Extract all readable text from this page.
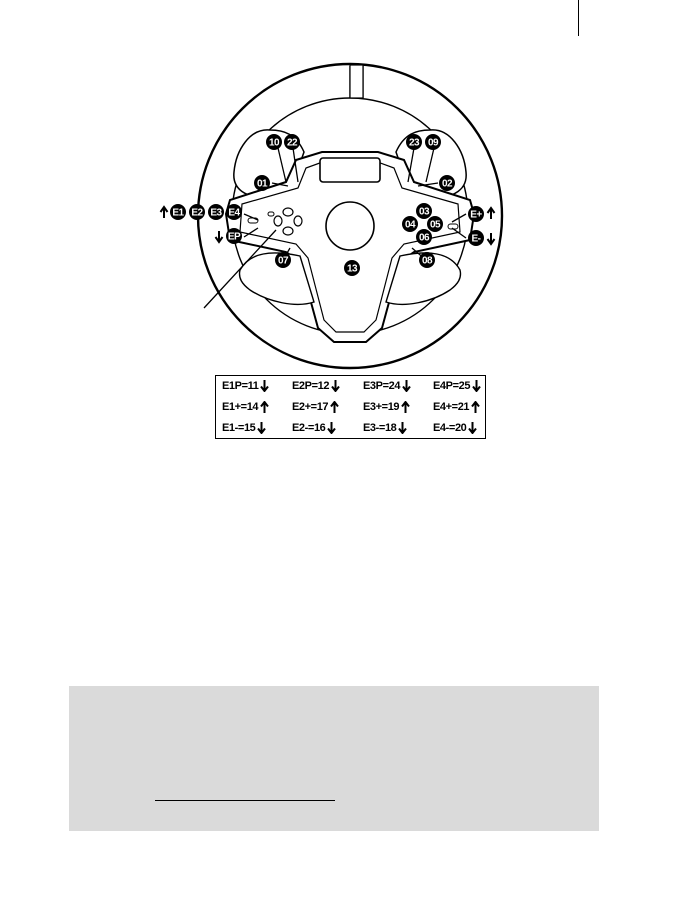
10 22	23 09
01	02
03
04 05
06
07	08
13
E1 E2 E3 E4
EP
E+
E-
E1P=11	E2P=12	E3P=24	E4P=25
E1+=14	E2+=17	E3+=19	E4+=21
E1-=15	E2-=16	E3-=18	E4-=20
